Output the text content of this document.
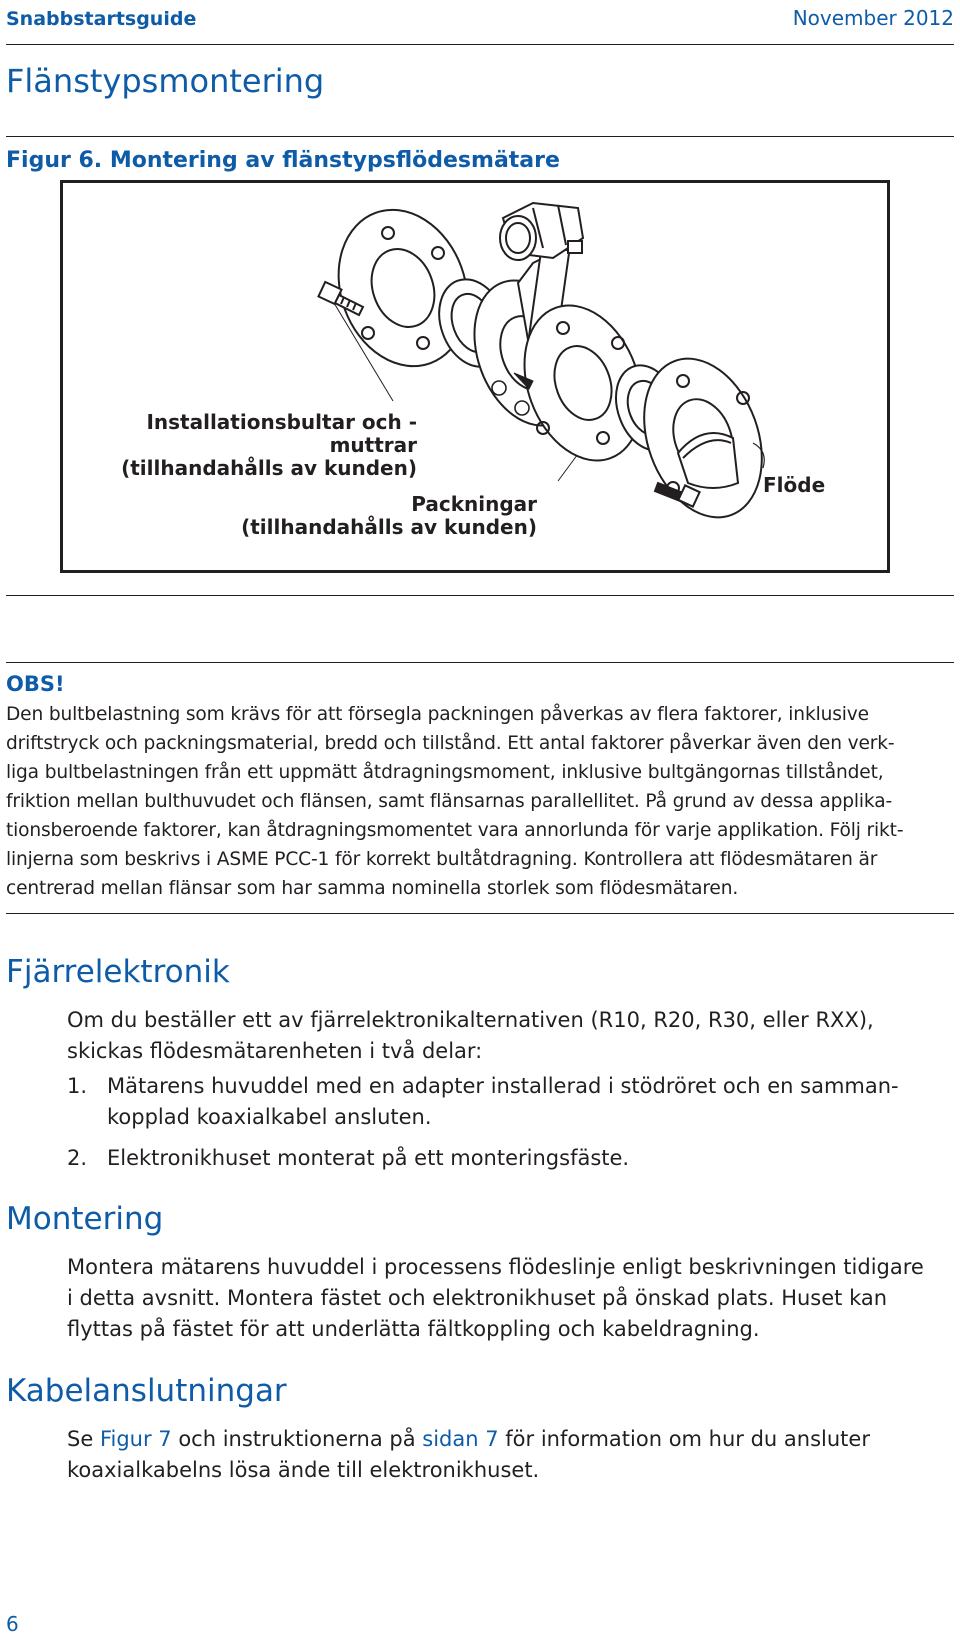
Snabbstartsguide	November 2012
Flänstypsmontering
Figur 6. Montering av flänstypsflödesmätare
Installationsbultar och -muttrar
(tillhandahålls av kunden)
Packningar
(tillhandahålls av kunden)
Flöde
OBS!
Den bultbelastning som krävs för att försegla packningen påverkas av flera faktorer, inklusive
driftstryck och packningsmaterial, bredd och tillstånd. Ett antal faktorer påverkar även den verk-
liga bultbelastningen från ett uppmätt åtdragningsmoment, inklusive bultgängornas tillståndet,
friktion mellan bulthuvudet och flänsen, samt flänsarnas parallellitet. På grund av dessa applika-
tionsberoende faktorer, kan åtdragningsmomentet vara annorlunda för varje applikation. Följ rikt-
linjerna som beskrivs i ASME PCC-1 för korrekt bultåtdragning. Kontrollera att flödesmätaren är
centrerad mellan flänsar som har samma nominella storlek som flödesmätaren.
Fjärrelektronik
Om du beställer ett av fjärrelektronikalternativen (R10, R20, R30, eller RXX),
skickas flödesmätarenheten i två delar:
1. Mätarens huvuddel med en adapter installerad i stödröret och en samman-
kopplad koaxialkabel ansluten.
2. Elektronikhuset monterat på ett monteringsfäste.
Montering
Montera mätarens huvuddel i processens flödeslinje enligt beskrivningen tidigare
i detta avsnitt. Montera fästet och elektronikhuset på önskad plats. Huset kan
flyttas på fästet för att underlätta fältkoppling och kabeldragning.
Kabelanslutningar
Se Figur 7 och instruktionerna på sidan 7 för information om hur du ansluter
koaxialkabelns lösa ände till elektronikhuset.
6
